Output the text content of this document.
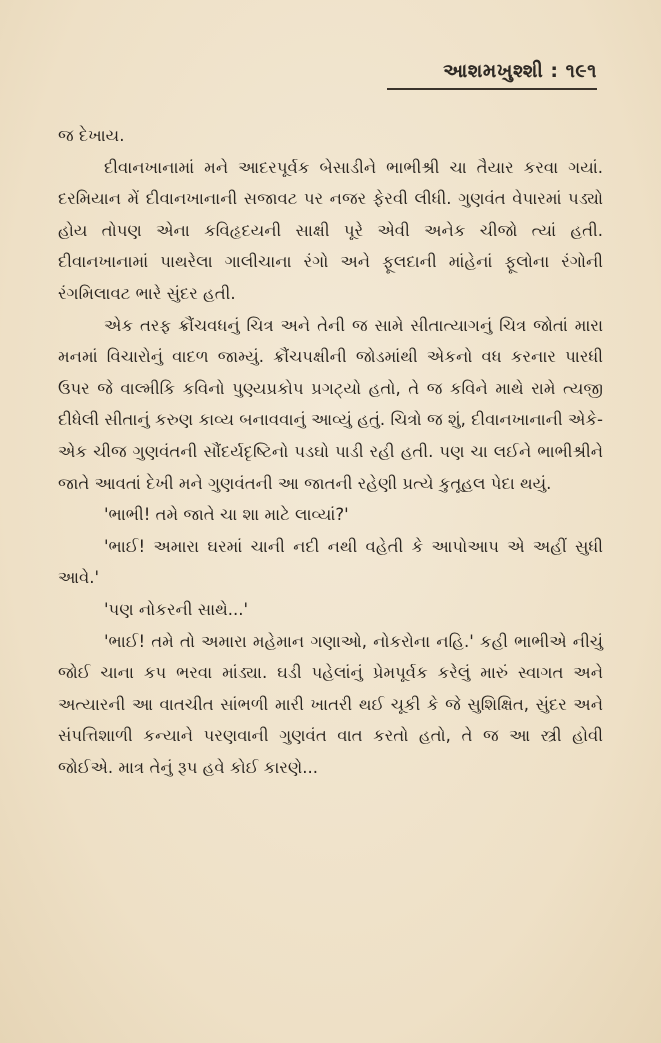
આશમખુશ્શી : ૧૯૧

જ દેખાય.

દીવાનખાનામાં મને આદરપૂર્વક બેસાડીને ભાભીશ્રી ચા તૈયાર કરવા ગયાં. દરમિયાન મેં દીવાનખાનાની સજાવટ પર નજર ફેરવી લીધી. ગુણવંત વેપારમાં પડ્યો હોય તોપણ એના કવિહૃદયની સાક્ષી પૂરે એવી અનેક ચીજો ત્યાં હતી. દીવાનખાનામાં પાથરેલા ગાલીચાના રંગો અને ફૂલદાની માંહેનાં ફૂલોના રંગોની રંગમિલાવટ ભારે સુંદર હતી.

એક તરફ ક્રૌંચવધનું ચિત્ર અને તેની જ સામે સીતાત્યાગનું ચિત્ર જોતાં મારા મનમાં વિચારોનું વાદળ જામ્યું. ક્રૌંચપક્ષીની જોડમાંથી એકનો વધ કરનાર પારધી ઉપર જે વાલ્મીકિ કવિનો પુણ્યપ્રકોપ પ્રગટ્યો હતો, તે જ કવિને માથે રામે ત્યજી દીધેલી સીતાનું કરુણ કાવ્ય બનાવવાનું આવ્યું હતું. ચિત્રો જ શું, દીવાનખાનાની એકે-એક ચીજ ગુણવંતની સૌંદર્યદૃષ્ટિનો પડઘો પાડી રહી હતી. પણ ચા લઈને ભાભીશ્રીને જાતે આવતાં દેખી મને ગુણવંતની આ જાતની રહેણી પ્રત્યે કુતૂહલ પેદા થયું.

'ભાભી! તમે જાતે ચા શા માટે લાવ્યાં?'

'ભાઈ! અમારા ઘરમાં ચાની નદી નથી વહેતી કે આપોઆપ એ અહીં સુધી આવે.'

'પણ નોકરની સાથે...'

'ભાઈ! તમે તો અમારા મહેમાન ગણાઓ, નોકરોના નહિ.' કહી ભાભીએ નીચું જોઈ ચાના કપ ભરવા માંડ્યા. ઘડી પહેલાંનું પ્રેમપૂર્વક કરેલું મારું સ્વાગત અને અત્યારની આ વાતચીત સાંભળી મારી ખાતરી થઈ ચૂકી કે જે સુશિક્ષિત, સુંદર અને સંપત્તિશાળી કન્યાને પરણવાની ગુણવંત વાત કરતો હતો, તે જ આ સ્ત્રી હોવી જોઈએ. માત્ર તેનું રૂપ હવે કોઈ કારણે...
